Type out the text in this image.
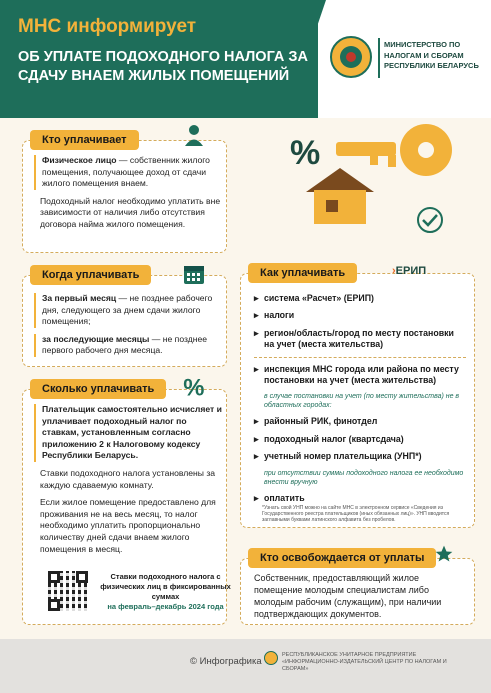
МНС информирует
ОБ УПЛАТЕ ПОДОХОДНОГО НАЛОГА ЗА СДАЧУ ВНАЕМ ЖИЛЫХ ПОМЕЩЕНИЙ
МИНИСТЕРСТВО ПО НАЛОГАМ И СБОРАМ РЕСПУБЛИКИ БЕЛАРУСЬ
%
Кто уплачивает

Физическое лицо — собственник жилого помещения, получающее доход от сдачи жилого помещения внаем.

Подоходный налог необходимо уплатить вне зависимости от наличия либо отсутствия договора найма жилого помещения.

Когда уплачивать

За первый месяц — не позднее рабочего дня, следующего за днем сдачи жилого помещения;

за последующие месяцы — не позднее первого рабочего дня месяца.

Сколько уплачивать	%

Плательщик самостоятельно исчисляет и уплачивает подоходный налог по ставкам, установленным согласно приложению 2 к Налоговому кодексу Республики Беларусь.

Ставки подоходного налога установлены за каждую сдаваемую комнату.

Если жилое помещение предоставлено для проживания не на весь месяц, то налог необходимо уплатить пропорционально количеству дней сдачи внаем жилого помещения в месяц.

Ставки подоходного налога с физических лиц в фиксированных суммах
на февраль–декабрь 2024 года
Как уплачивать	›ЕРИП
▸ система «Расчет» (ЕРИП)
▸ налоги
▸ регион/область/город по месту постановки на учет (места жительства)
▸ инспекция МНС города или района по месту постановки на учет (места жительства)
в случае постановки на учет (по месту жительства) не в областных городах:
▸ районный РИК, финотдел
▸ подоходный налог (квартсдача)
▸ учетный номер плательщика (УНП*)
при отсутствии суммы подоходного налога ее необходимо внести вручную
▸ оплатить
*Узнать свой УНП можно на сайте МНС в электронном сервисе «Сведения из Государственного реестра плательщиков (иных обязанных лиц)». УНП вводится заглавными буквами латинского алфавита без пробелов.
Кто освобождается от уплаты
Собственник, предоставляющий жилое помещение молодым специалистам либо молодым рабочим (служащим), при наличии подтверждающих документов.
© Инфографика
РЕСПУБЛИКАНСКОЕ УНИТАРНОЕ ПРЕДПРИЯТИЕ «ИНФОРМАЦИОННО-ИЗДАТЕЛЬСКИЙ ЦЕНТР ПО НАЛОГАМ И СБОРАМ»
